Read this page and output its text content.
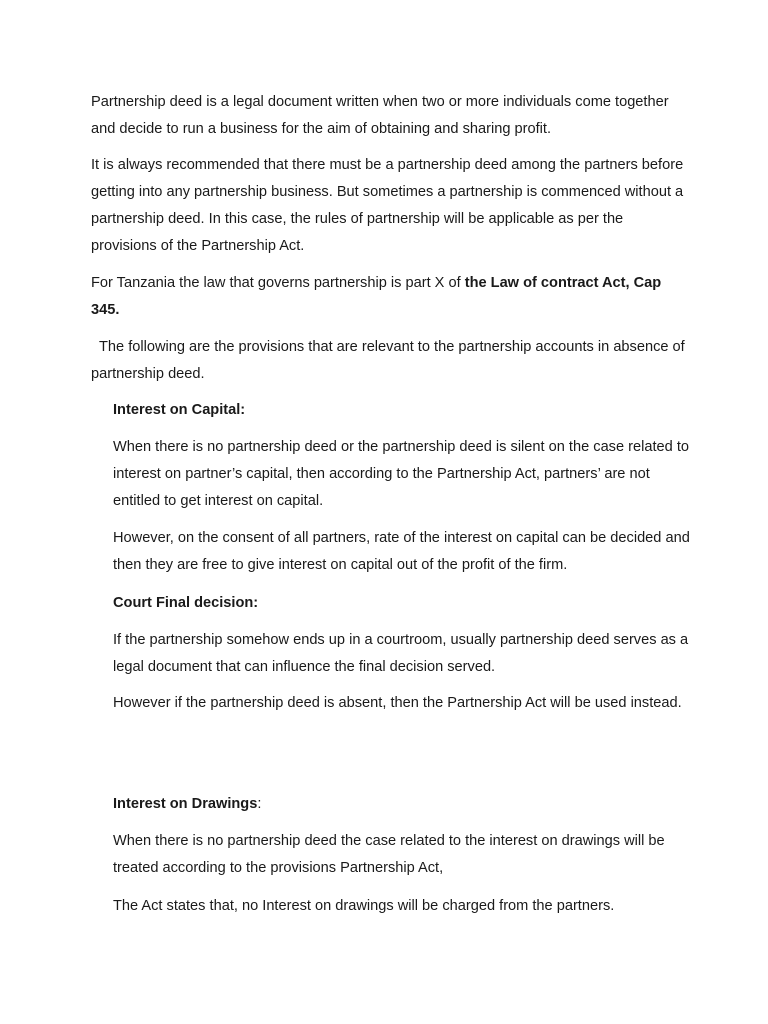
Partnership deed is a legal document written when two or more individuals come together and decide to run a business for the aim of obtaining and sharing profit.

It is always recommended that there must be a partnership deed among the partners before getting into any partnership business. But sometimes a partnership is commenced without a partnership deed. In this case, the rules of partnership will be applicable as per the provisions of the Partnership Act.

For Tanzania the law that governs partnership is part X of the Law of contract Act, Cap 345.

The following are the provisions that are relevant to the partnership accounts in absence of partnership deed.

Interest on Capital:

When there is no partnership deed or the partnership deed is silent on the case related to interest on partner’s capital, then according to the Partnership Act, partners’ are not entitled to get interest on capital.

However, on the consent of all partners, rate of the interest on capital can be decided and then they are free to give interest on capital out of the profit of the firm.

Court Final decision:

If the partnership somehow ends up in a courtroom, usually partnership deed serves as a legal document that can influence the final decision served.

However if the partnership deed is absent, then the Partnership Act will be used instead.

Interest on Drawings:

When there is no partnership deed the case related to the interest on drawings will be treated according to the provisions Partnership Act,

The Act states that, no Interest on drawings will be charged from the partners.
